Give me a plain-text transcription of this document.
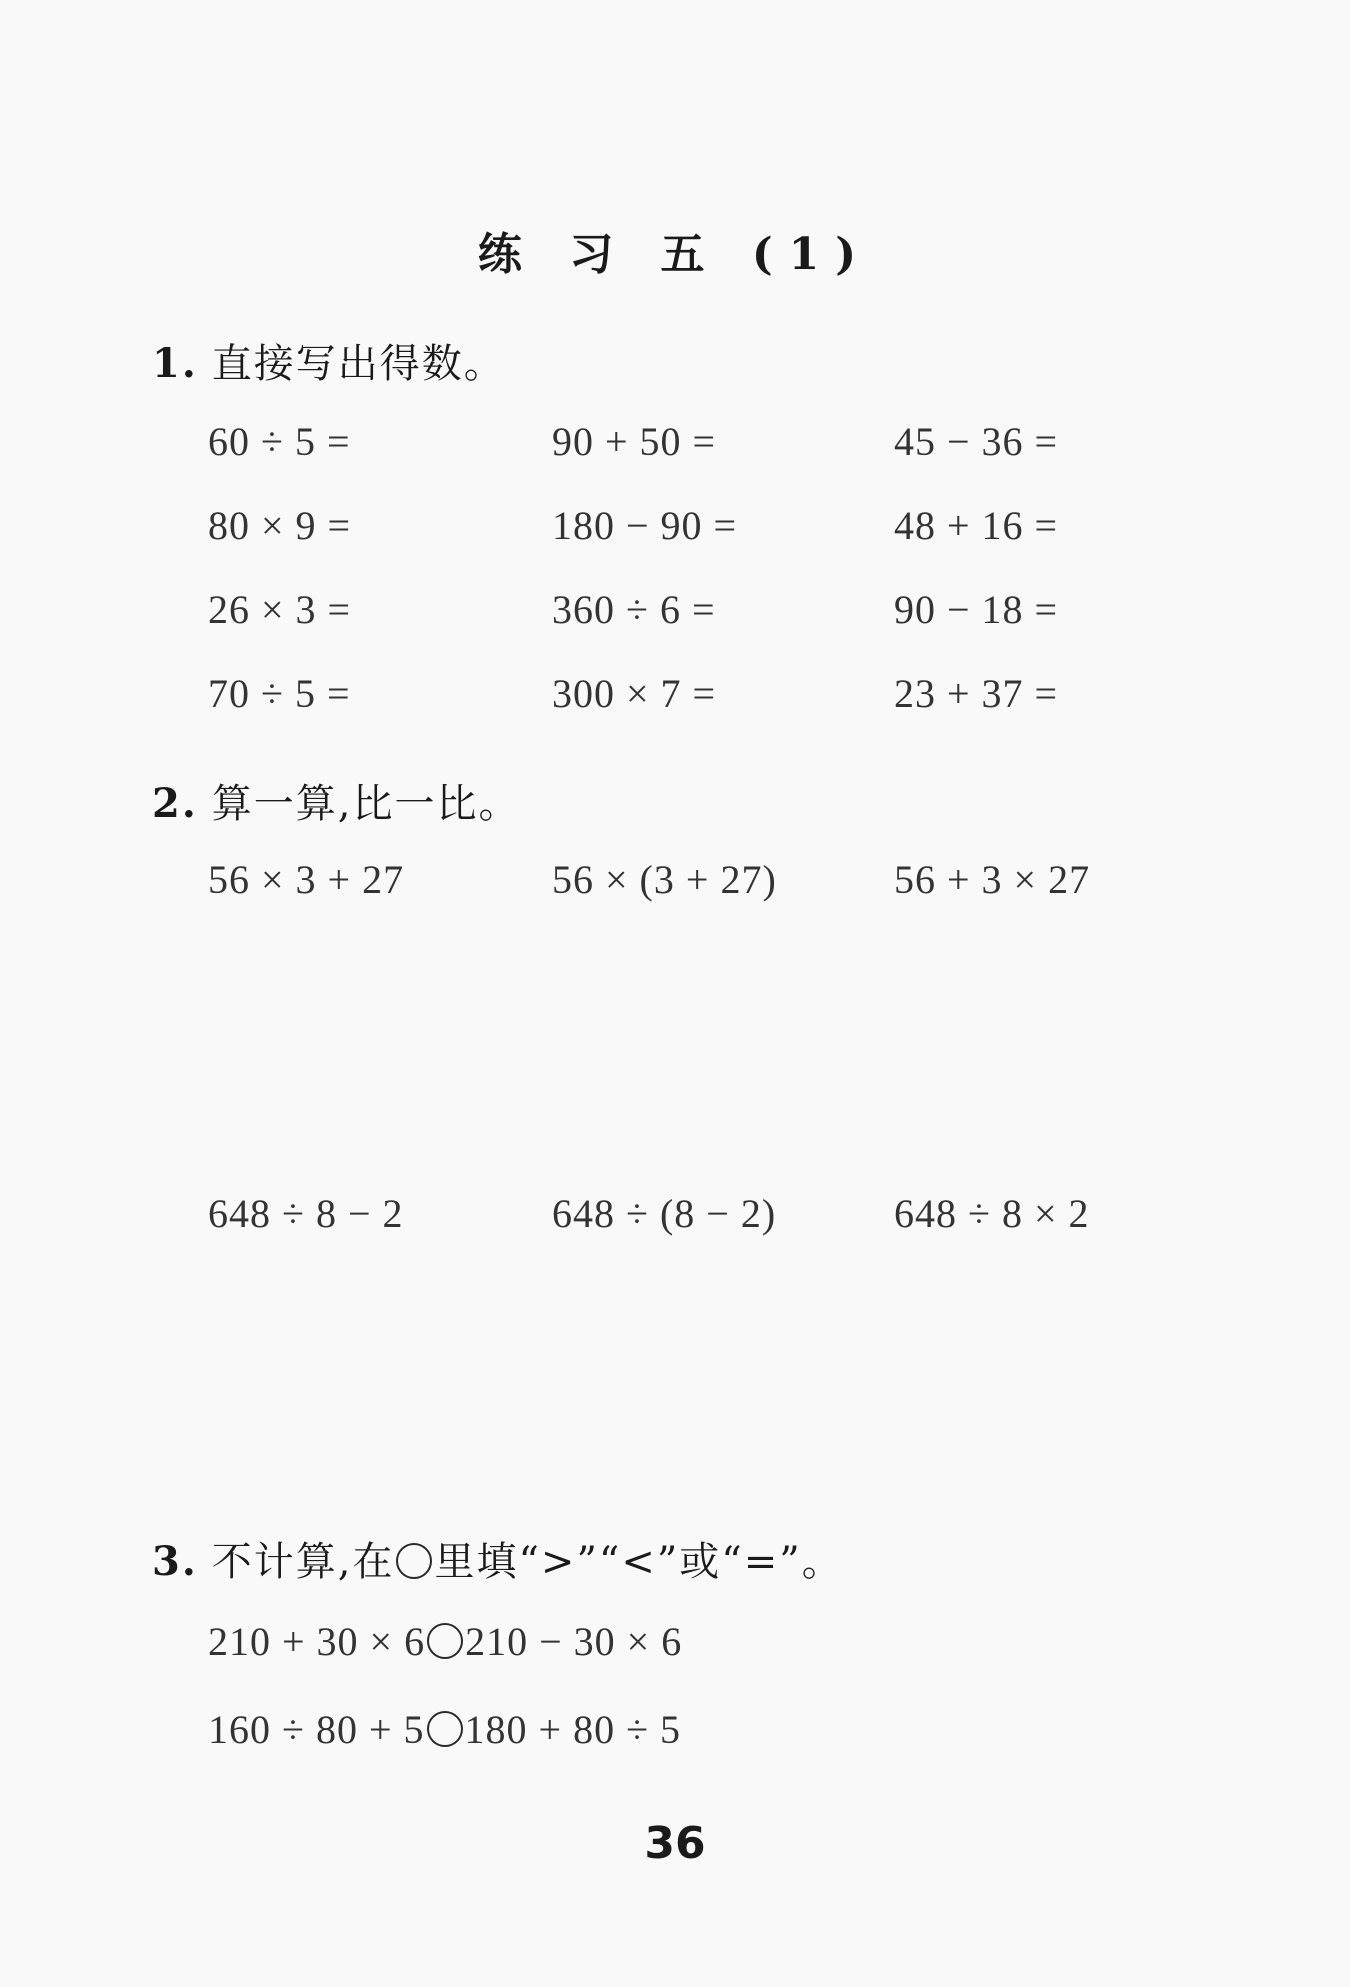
练 习 五 (1)
1. 直接写出得数。
60 ÷ 5 =	90 + 50 =	45 − 36 =
80 × 9 =	180 − 90 =	48 + 16 =
26 × 3 =	360 ÷ 6 =	90 − 18 =
70 ÷ 5 =	300 × 7 =	23 + 37 =
2. 算一算,比一比。
56 × 3 + 27	56 × (3 + 27)	56 + 3 × 27
648 ÷ 8 − 2	648 ÷ (8 − 2)	648 ÷ 8 × 2
3. 不计算,在 里填“>”“<”或“=”。
210 + 30 × 6 210 − 30 × 6
160 ÷ 80 + 5 180 + 80 ÷ 5
36
